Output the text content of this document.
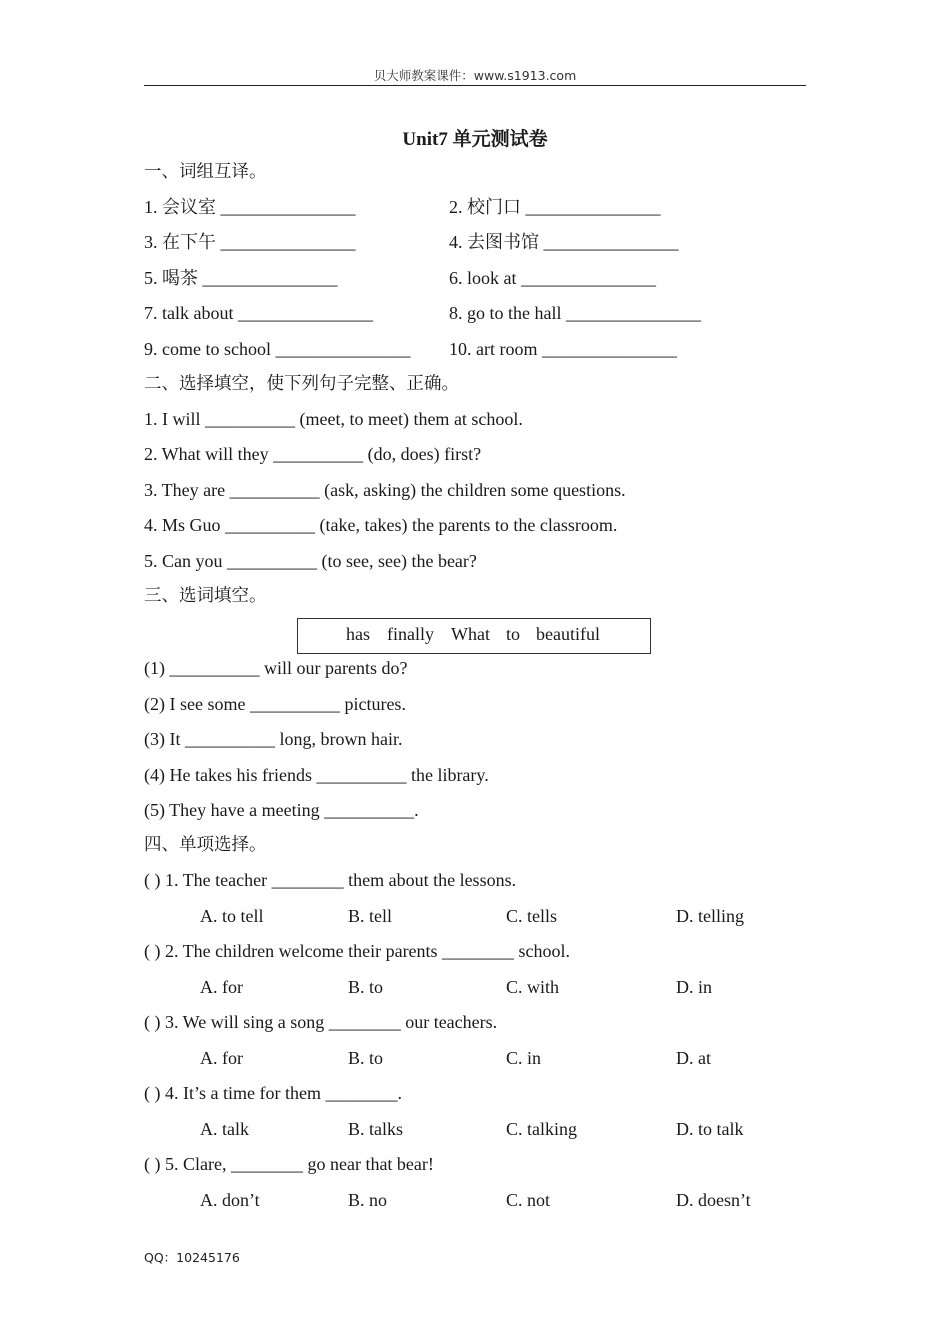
贝大师教案课件：www.s1913.com
Unit7 单元测试卷
一、词组互译。
1. 会议室 _______________	2. 校门口 _______________
3. 在下午 _______________	4. 去图书馆 _______________
5. 喝茶 _______________	6. look at _______________
7. talk about _______________	8. go to the hall _______________
9. come to school _______________ 10. art room _______________
二、选择填空，使下列句子完整、正确。
1. I will __________ (meet, to meet) them at school.
2. What will they __________ (do, does) first?
3. They are __________ (ask, asking) the children some questions.
4. Ms Guo __________ (take, takes) the parents to the classroom.
5. Can you __________ (to see, see) the bear?
三、选词填空。
has finally What to beautiful
(1) __________ will our parents do?
(2) I see some __________ pictures.
(3) It __________ long, brown hair.
(4) He takes his friends __________ the library.
(5) They have a meeting __________.
四、单项选择。
( ) 1. The teacher ________ them about the lessons.
A. to tell	B. tell	C. tells	D. telling
( ) 2. The children welcome their parents ________ school.
A. for	B. to	C. with	D. in
( ) 3. We will sing a song ________ our teachers.
A. for	B. to	C. in	D. at
( ) 4. It’s a time for them ________.
A. talk	B. talks	C. talking	D. to talk
( ) 5. Clare, ________ go near that bear!
A. don’t	B. no	C. not	D. doesn’t
QQ：10245176
